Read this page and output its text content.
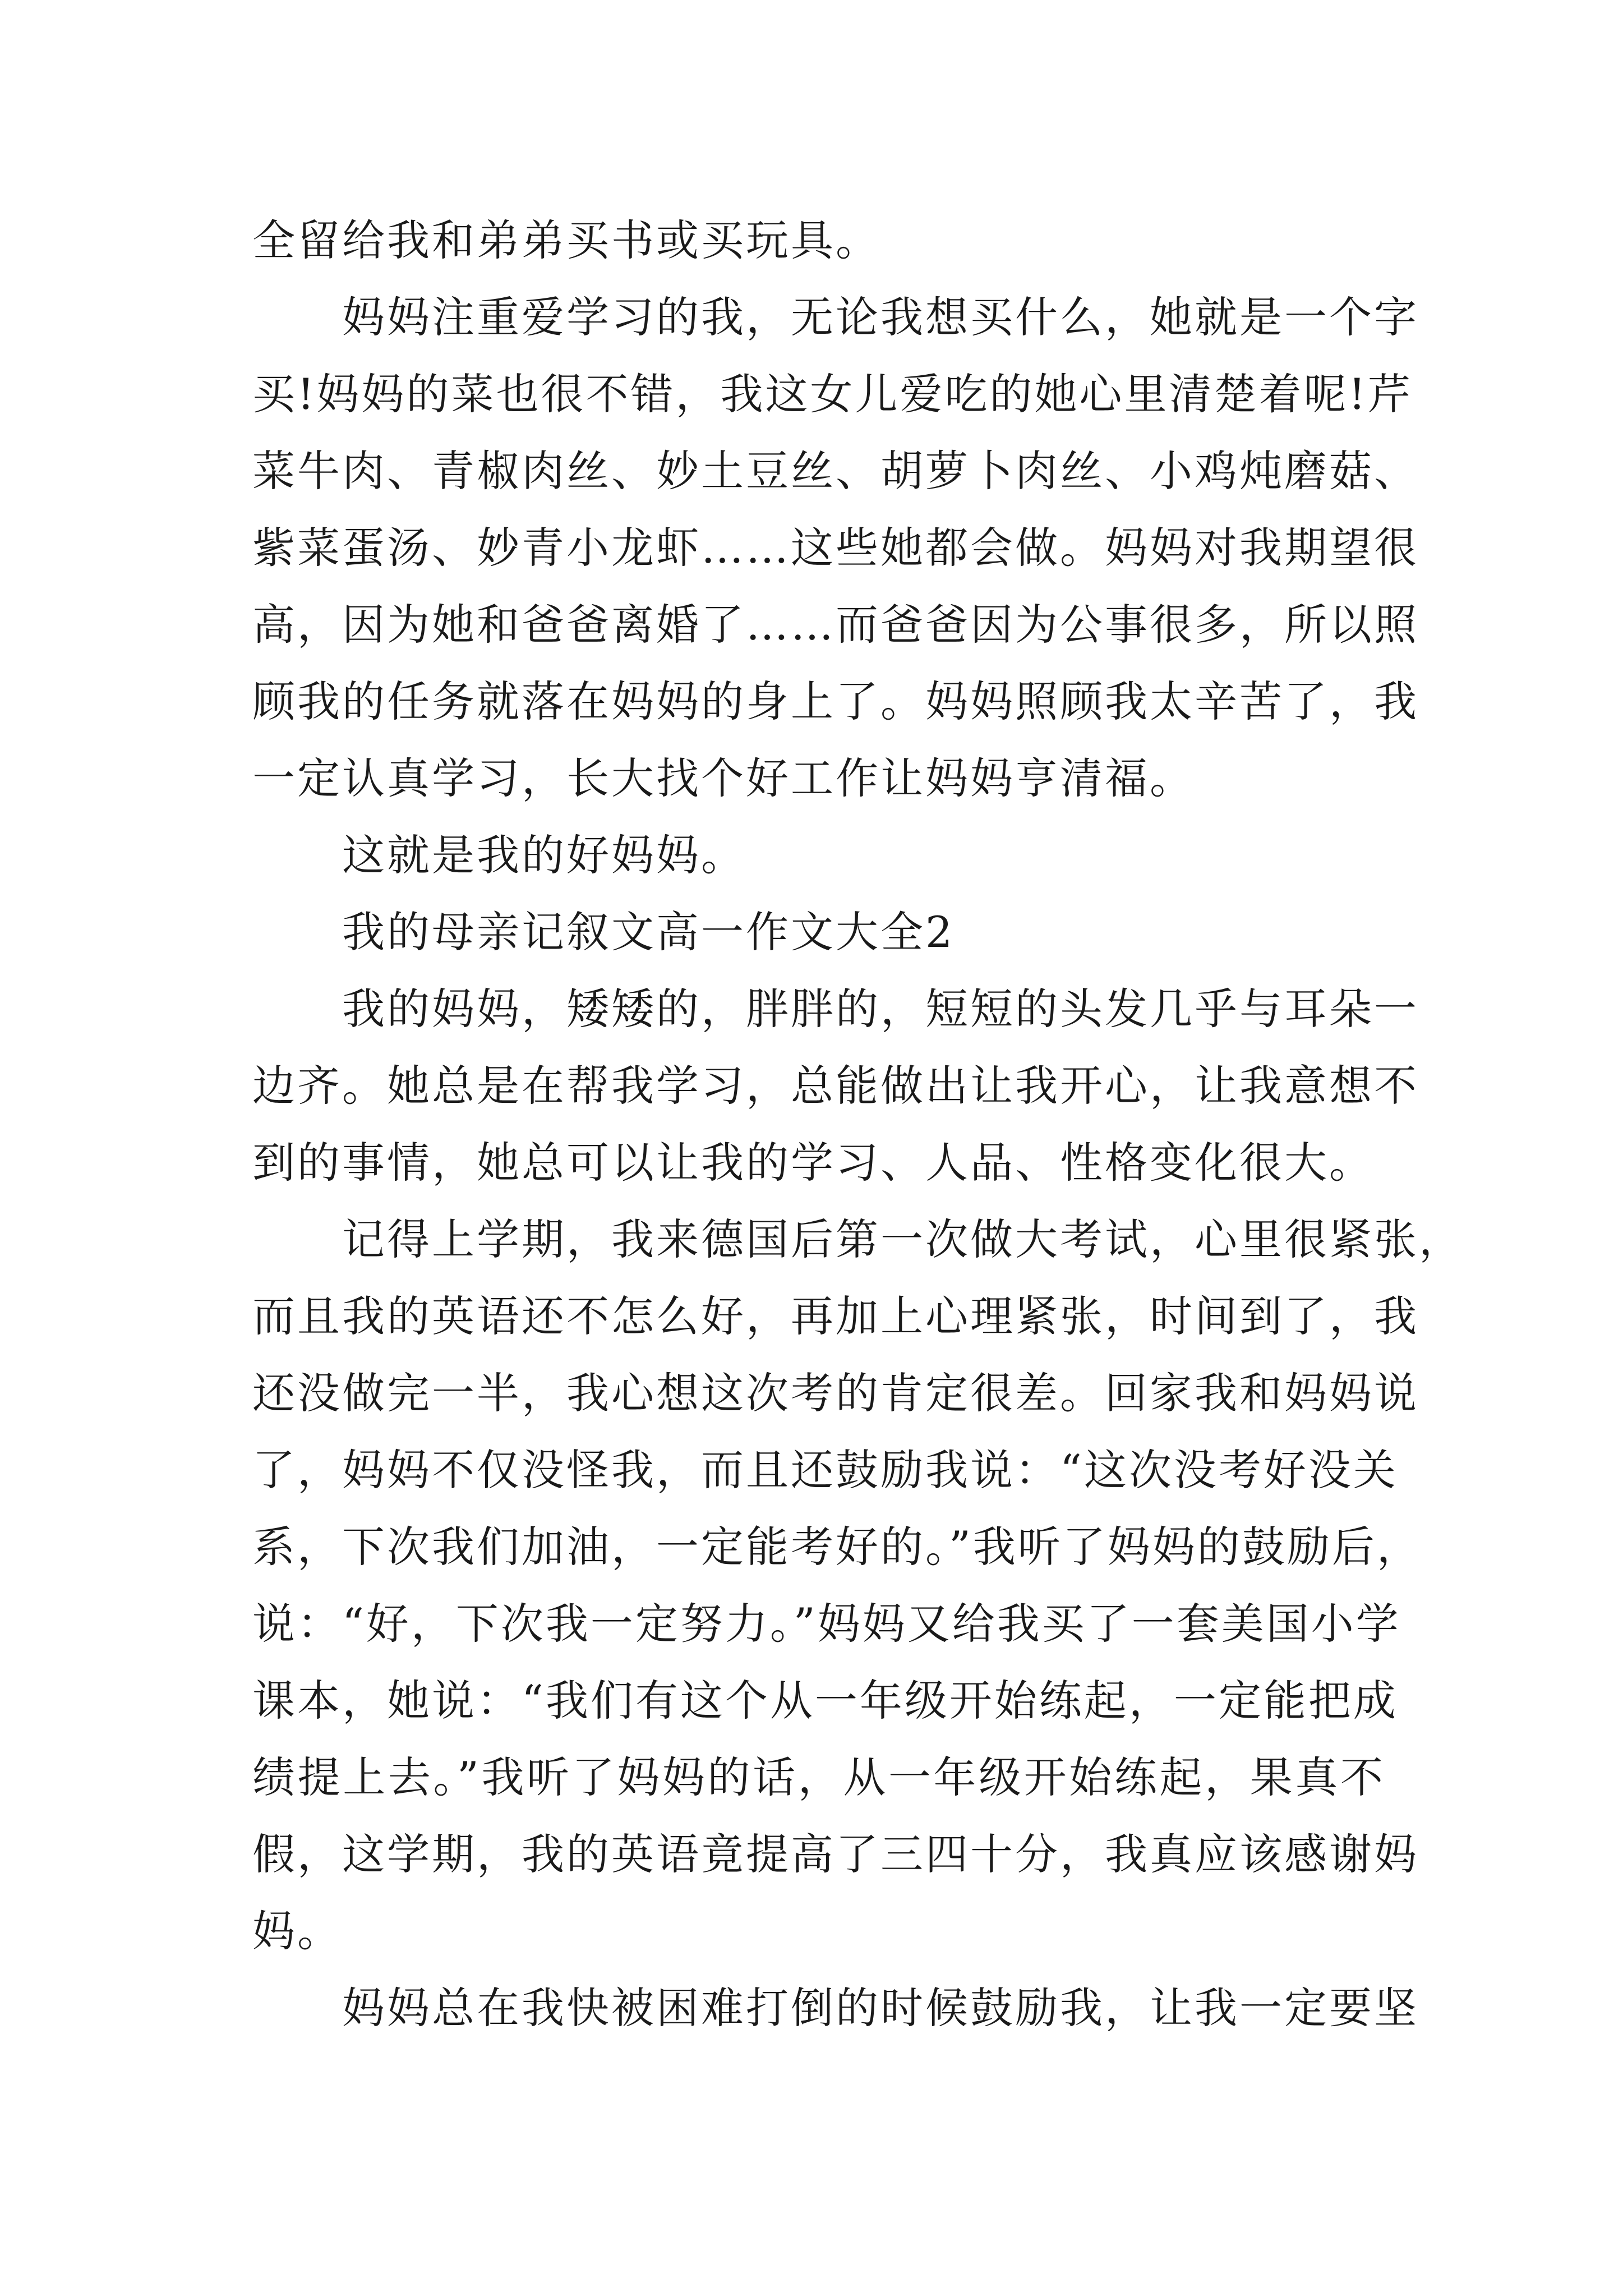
全留给我和弟弟买书或买玩具。
妈妈注重爱学习的我，无论我想买什么，她就是一个字
买!妈妈的菜也很不错，我这女儿爱吃的她心里清楚着呢!芹
菜牛肉、青椒肉丝、妙土豆丝、胡萝卜肉丝、小鸡炖磨菇、
紫菜蛋汤、妙青小龙虾……这些她都会做。妈妈对我期望很
高，因为她和爸爸离婚了……而爸爸因为公事很多，所以照
顾我的任务就落在妈妈的身上了。妈妈照顾我太辛苦了，我
一定认真学习，长大找个好工作让妈妈亨清福。
这就是我的好妈妈。
我的母亲记叙文高一作文大全2
我的妈妈，矮矮的，胖胖的，短短的头发几乎与耳朵一
边齐。她总是在帮我学习，总能做出让我开心，让我意想不
到的事情，她总可以让我的学习、人品、性格变化很大。
记得上学期，我来德国后第一次做大考试，心里很紧张，
而且我的英语还不怎么好，再加上心理紧张，时间到了，我
还没做完一半，我心想这次考的肯定很差。回家我和妈妈说
了，妈妈不仅没怪我，而且还鼓励我说：“这次没考好没关
系，下次我们加油，一定能考好的。”我听了妈妈的鼓励后，
说：“好，下次我一定努力。”妈妈又给我买了一套美国小学
课本，她说：“我们有这个从一年级开始练起，一定能把成
绩提上去。”我听了妈妈的话，从一年级开始练起，果真不
假，这学期，我的英语竟提高了三四十分，我真应该感谢妈
妈。
妈妈总在我快被困难打倒的时候鼓励我，让我一定要坚
